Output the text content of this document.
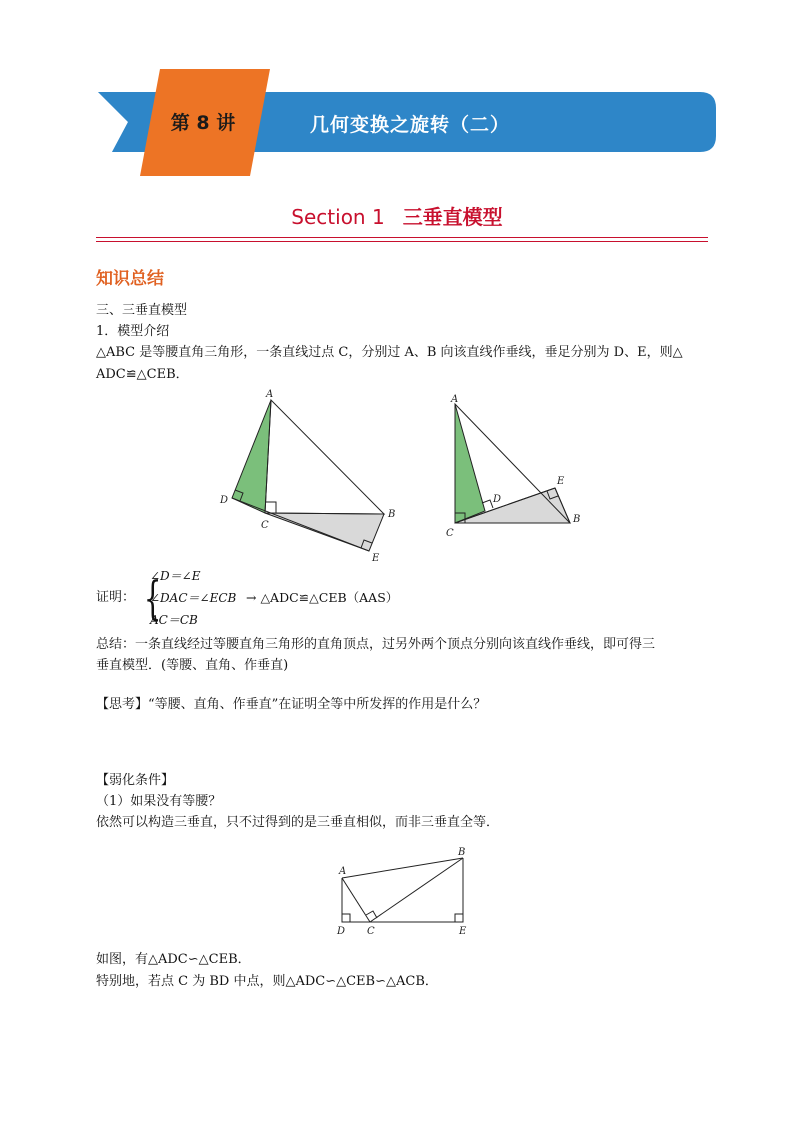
第 8 讲	几何变换之旋转（二）
Section 1 三垂直模型
知识总结
三、三垂直模型
1．模型介绍
△ABC 是等腰直角三角形，一条直线过点 C，分别过 A、B 向该直线作垂线，垂足分别为 D、E，则△
ADC≌△CEB．
A
B
C
D
E
A
B
C
D
E
证明： {
∠D＝∠E
∠DAC＝∠ECB
AC＝CB
→ △ADC≌△CEB（AAS）
总结：一条直线经过等腰直角三角形的直角顶点，过另外两个顶点分别向该直线作垂线，即可得三
垂直模型．(等腰、直角、作垂直)
【思考】“等腰、直角、作垂直”在证明全等中所发挥的作用是什么？
【弱化条件】
（1）如果没有等腰？
依然可以构造三垂直，只不过得到的是三垂直相似，而非三垂直全等．
A
B
C
D	E
如图，有△ADC∽△CEB．
特别地，若点 C 为 BD 中点，则△ADC∽△CEB∽△ACB．
